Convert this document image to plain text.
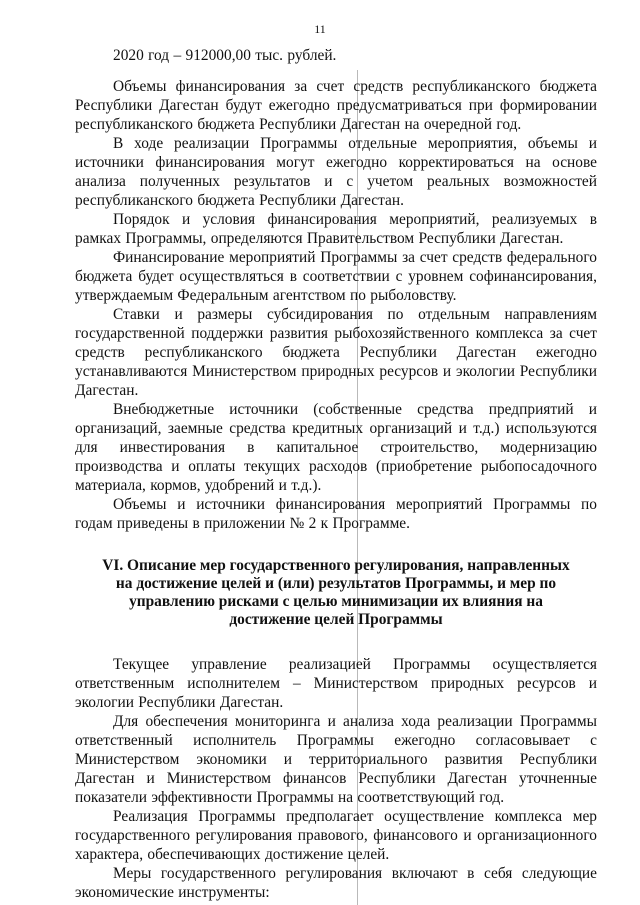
11

2020 год – 912000,00 тыс. рублей.

Объемы финансирования за счет средств республиканского бюджета Республики Дагестан будут ежегодно предусматриваться при формировании республиканского бюджета Республики Дагестан на очередной год.

В ходе реализации Программы отдельные мероприятия, объемы и источники финансирования могут ежегодно корректироваться на основе анализа полученных результатов и с учетом реальных возможностей республиканского бюджета Республики Дагестан.

Порядок и условия финансирования мероприятий, реализуемых в рамках Программы, определяются Правительством Республики Дагестан.

Финансирование мероприятий Программы за счет средств федерального бюджета будет осуществляться в соответствии с уровнем софинансирования, утверждаемым Федеральным агентством по рыболовству.

Ставки и размеры субсидирования по отдельным направлениям государственной поддержки развития рыбохозяйственного комплекса за счет средств республиканского бюджета Республики Дагестан ежегодно устанавливаются Министерством природных ресурсов и экологии Республики Дагестан.

Внебюджетные источники (собственные средства предприятий и организаций, заемные средства кредитных организаций и т.д.) используются для инвестирования в капитальное строительство, модернизацию производства и оплаты текущих расходов (приобретение рыбопосадочного материала, кормов, удобрений и т.д.).

Объемы и источники финансирования мероприятий Программы по годам приведены в приложении № 2 к Программе.

VI. Описание мер государственного регулирования, направленных на достижение целей и (или) результатов Программы, и мер по управлению рисками с целью минимизации их влияния на достижение целей Программы

Текущее управление реализацией Программы осуществляется ответственным исполнителем – Министерством природных ресурсов и экологии Республики Дагестан.

Для обеспечения мониторинга и анализа хода реализации Программы ответственный исполнитель Программы ежегодно согласовывает с Министерством экономики и территориального развития Республики Дагестан и Министерством финансов Республики Дагестан уточненные показатели эффективности Программы на соответствующий год.

Реализация Программы предполагает осуществление комплекса мер государственного регулирования правового, финансового и организационного характера, обеспечивающих достижение целей.

Меры государственного регулирования включают в себя следующие экономические инструменты:
